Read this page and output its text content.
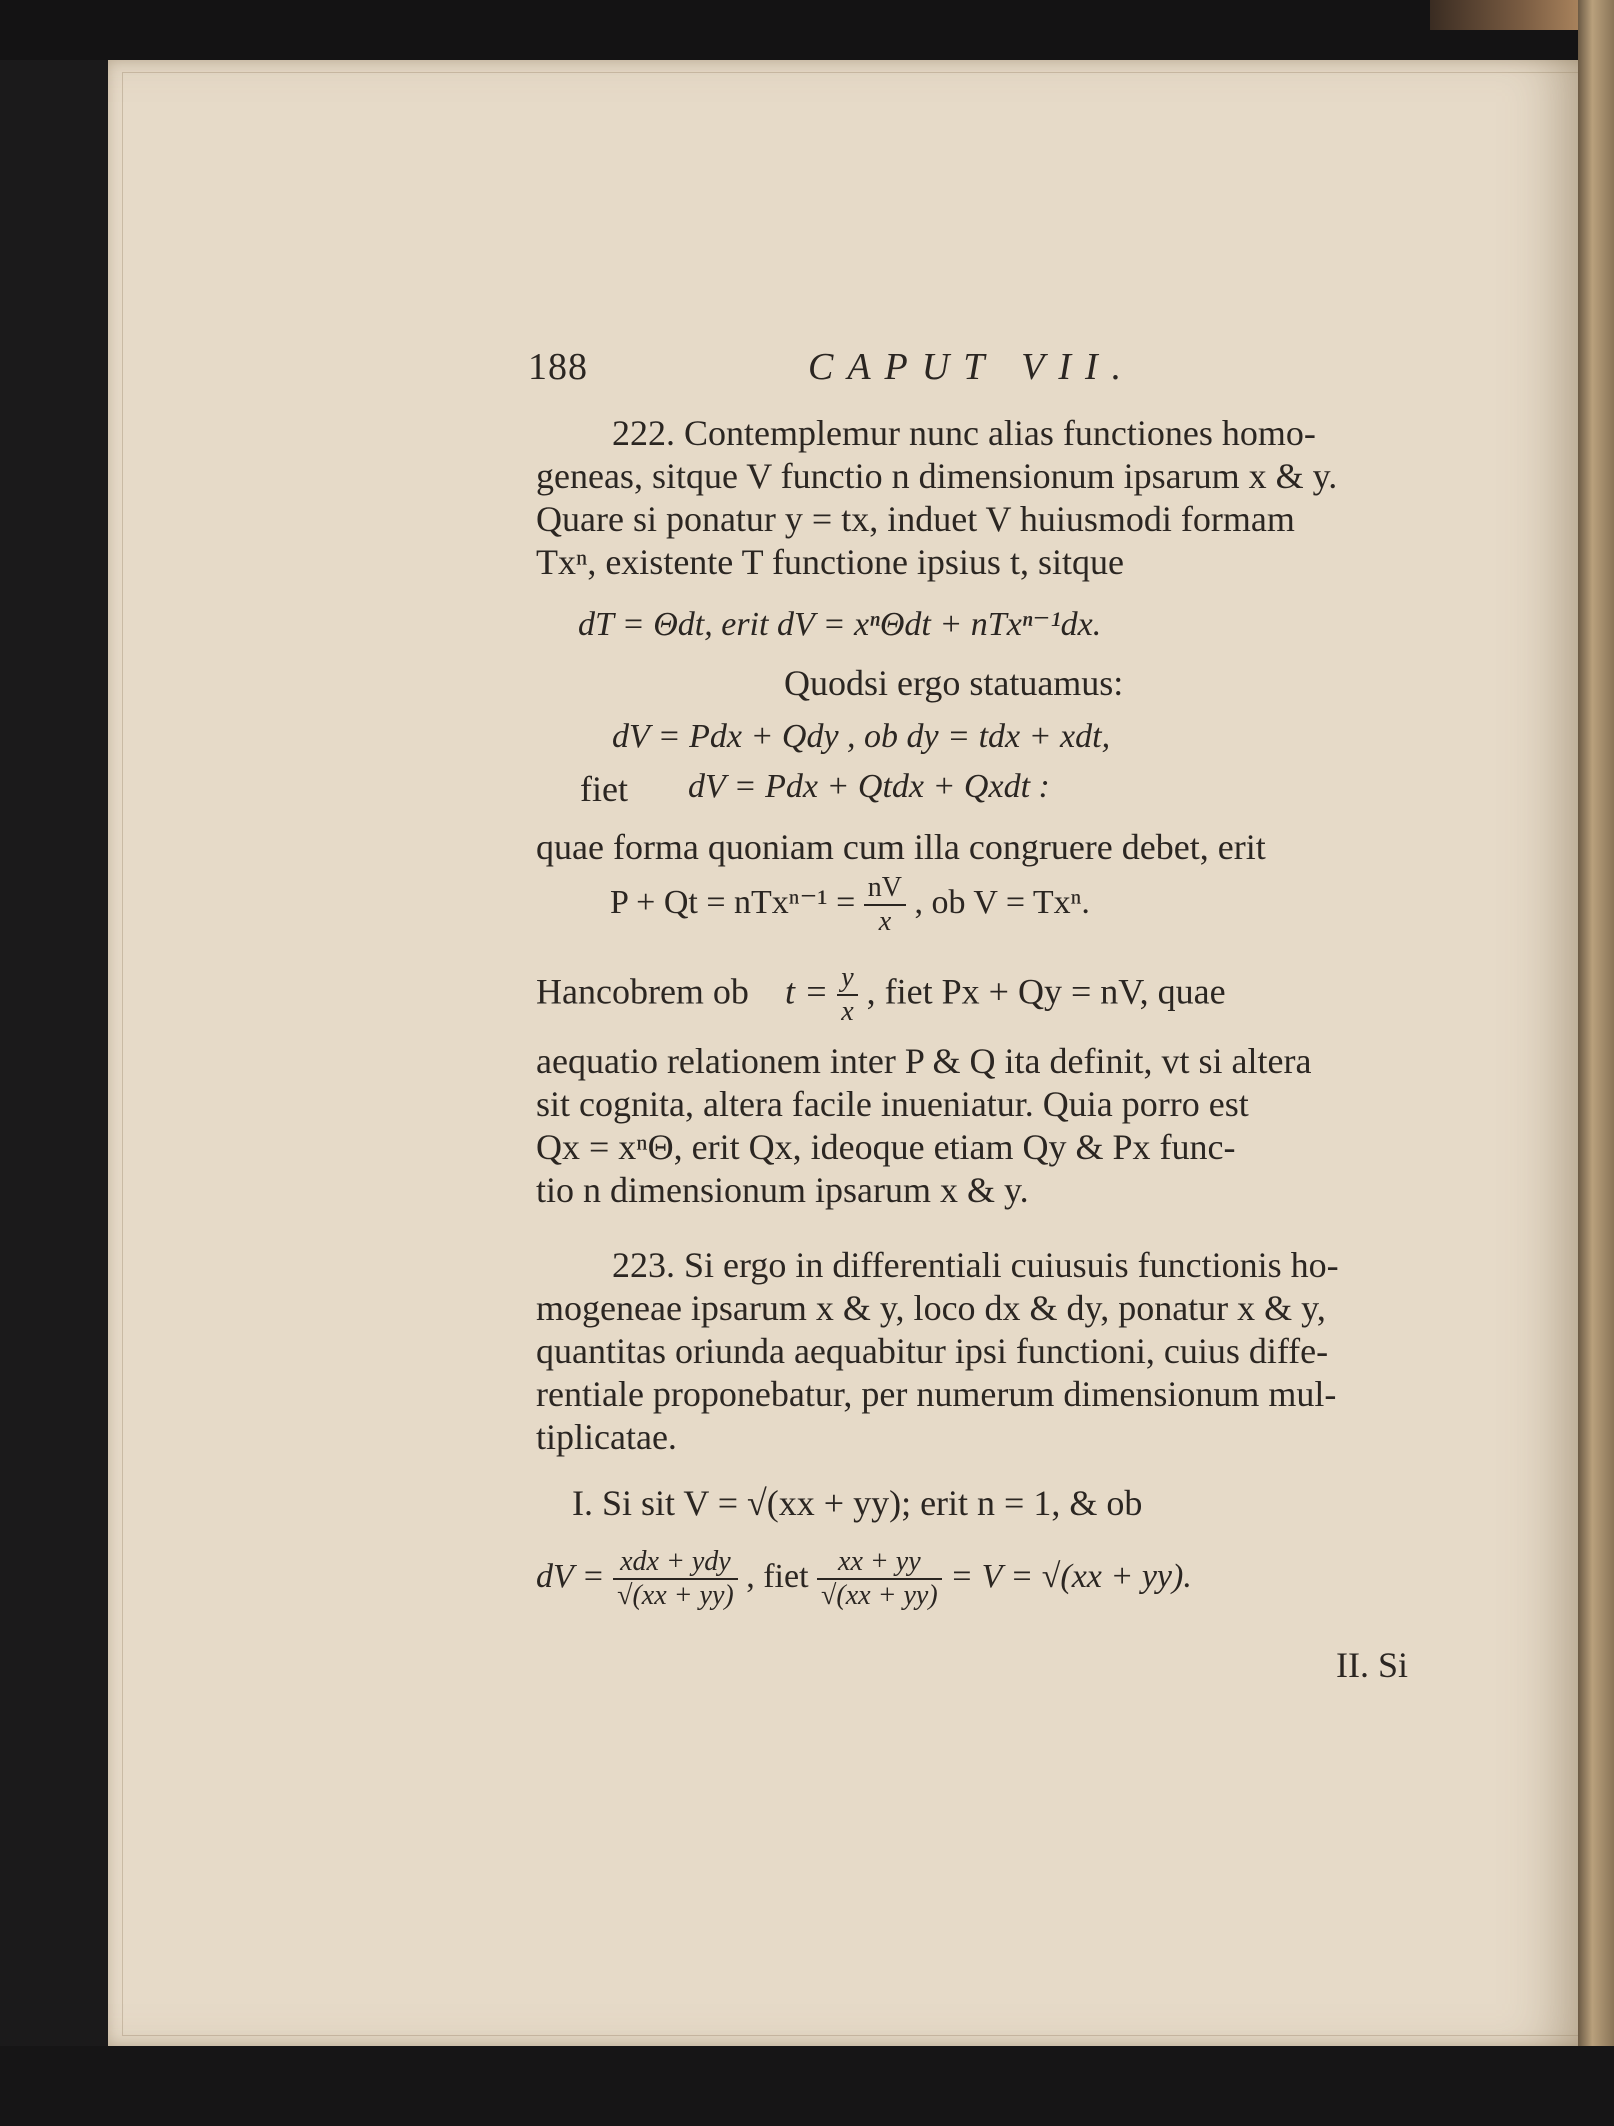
188	CAPUT VII.
222. Contemplemur nunc alias functiones homo-
geneas, sitque V functio n dimensionum ipsarum x & y.
Quare si ponatur y = tx, induet V huiusmodi formam
Txⁿ, existente T functione ipsius t, sitque
dT = Θdt, erit dV = xⁿΘdt + nTxⁿ⁻¹dx.
Quodsi ergo statuamus:
dV = Pdx + Qdy , ob dy = tdx + xdt,
fiet dV = Pdx + Qtdx + Qxdt :
quae forma quoniam cum illa congruere debet, erit
$P + Qt = nTx^{n-1} = \frac{nV}{x}$ , ob V = Txⁿ.
Hancobrem ob $t = \frac{y}{x}$ , fiet Px + Qy = nV, quae
aequatio relationem inter P & Q ita definit, vt si altera
sit cognita, altera facile inueniatur. Quia porro est
Qx = xⁿΘ, erit Qx, ideoque etiam Qy & Px func-
tio n dimensionum ipsarum x & y.
223. Si ergo in differentiali cuiusuis functionis ho-
mogeneae ipsarum x & y, loco dx & dy, ponatur x & y,
quantitas oriunda aequabitur ipsi functioni, cuius diffe-
rentiale proponebatur, per numerum dimensionum mul-
tiplicatae.
I. Si sit V = √(xx + yy); erit n = 1, & ob
dV = $\frac{\text{xdx + ydy}}{√(xx + yy)}$ , fiet $\frac{xx + yy}{√(xx + yy)} = V = √(xx + yy)$.
II. Si
